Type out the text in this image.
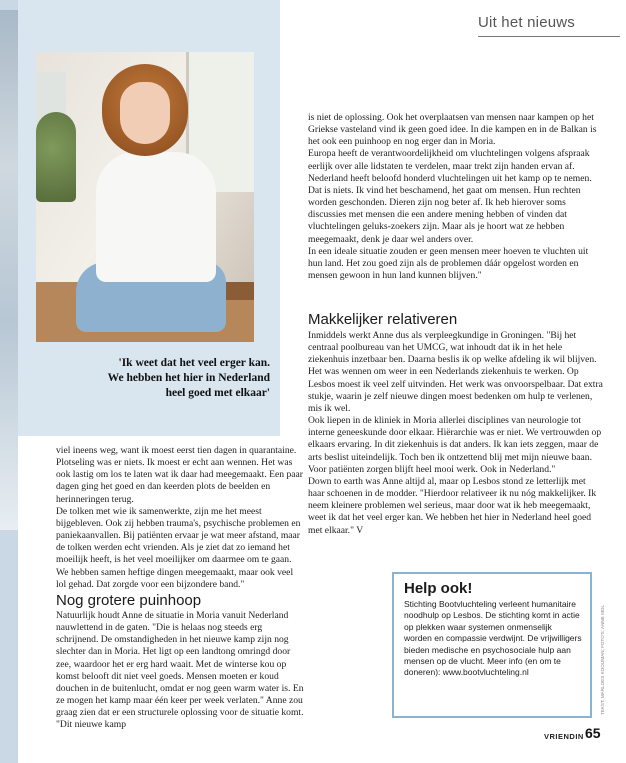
'Ik weet dat het veel erger kan. We hebben het hier in Nederland heel goed met elkaar'
Uit het nieuws

is niet de oplossing. Ook het overplaatsen van mensen naar kampen op het Griekse vasteland vind ik geen goed idee. In die kampen en in de Balkan is het ook een puinhoop en nog erger dan in Moria.

Europa heeft de verantwoordelijkheid om vluchtelingen volgens afspraak eerlijk over alle lidstaten te verdelen, maar trekt zijn handen ervan af. Nederland heeft beloofd honderd vluchtelingen uit het kamp op te nemen. Dat is niets. Ik vind het beschamend, het gaat om mensen. Hun rechten worden geschonden. Dieren zijn nog beter af. Ik heb hierover soms discussies met mensen die een andere mening hebben of vinden dat vluchtelingen geluks-zoekers zijn. Maar als je hoort wat ze hebben meegemaakt, denk je daar wel anders over.

In een ideale situatie zouden er geen mensen meer hoeven te vluchten uit hun land. Het zou goed zijn als de problemen dáár opgelost worden en mensen gewoon in hun land kunnen blijven."

Makkelijker relativeren

Inmiddels werkt Anne dus als verpleegkundige in Groningen. "Bij het centraal poolbureau van het UMCG, wat inhoudt dat ik in het hele ziekenhuis inzetbaar ben. Daarna beslis ik op welke afdeling ik wil blijven. Het was wennen om weer in een Nederlands ziekenhuis te werken. Op Lesbos moest ik veel zelf uitvinden. Het werk was onvoorspelbaar. Dat extra stukje, waarin je zelf nieuwe dingen moest bedenken om hulp te verlenen, mis ik wel.

Ook liepen in de kliniek in Moria allerlei disciplines van neurologie tot interne geneeskunde door elkaar. Hiërarchie was er niet. We vertrouwden op elkaars ervaring. In dit ziekenhuis is dat anders. Ik kan iets zeggen, maar de arts beslist uiteindelijk. Toch ben ik ontzettend blij met mijn nieuwe baan. Voor patiënten zorgen blijft heel mooi werk. Ook in Nederland."

Down to earth was Anne altijd al, maar op Lesbos stond ze letterlijk met haar schoenen in de modder. "Hierdoor relativeer ik nu nóg makkelijker. Ik neem kleinere problemen wel serieus, maar door wat ik heb meegemaakt, weet ik dat het veel erger kan. We hebben het hier in Nederland heel goed met elkaar." V

viel ineens weg, want ik moest eerst tien dagen in quarantaine. Plotseling was er niets. Ik moest er echt aan wennen. Het was ook lastig om los te laten wat ik daar had meegemaakt. Een paar dagen ging het goed en dan keerden plots de beelden en herinneringen terug.

De tolken met wie ik samenwerkte, zijn me het meest bijgebleven. Ook zij hebben trauma's, psychische problemen en paniekaanvallen. Bij patiënten ervaar je wat meer afstand, maar de tolken werden echt vrienden. Als je ziet dat zo iemand het moeilijk heeft, is het veel moeilijker om daarmee om te gaan. We hebben samen heftige dingen meegemaakt, maar ook veel lol gehad. Dat zorgde voor een bijzondere band."

Nog grotere puinhoop

Natuurlijk houdt Anne de situatie in Moria vanuit Nederland nauwlettend in de gaten. "Die is helaas nog steeds erg schrijnend. De omstandigheden in het nieuwe kamp zijn nog slechter dan in Moria. Het ligt op een landtong omringd door zee, waardoor het er erg hard waait. Met de winterse kou op komst belooft dit niet veel goeds. Mensen moeten er koud douchen in de buitenlucht, omdat er nog geen warm water is. En ze mogen het kamp maar één keer per week verlaten." Anne zou graag zien dat er een structurele oplossing voor de situatie komt. "Dit nieuwe kamp

Help ook!
Stichting Bootvluchteling verleent humanitaire noodhulp op Lesbos. De stichting komt in actie op plekken waar systemen onmenselijk worden en compassie verdwijnt. De vrijwilligers bieden medische en psychosociale hulp aan mensen op de vlucht. Meer info (en om te doneren): www.bootvluchteling.nl	TEKST: MARLOES KOOIJMAN; FOTO'S: ANNE MOL
VRIENDIN 65
